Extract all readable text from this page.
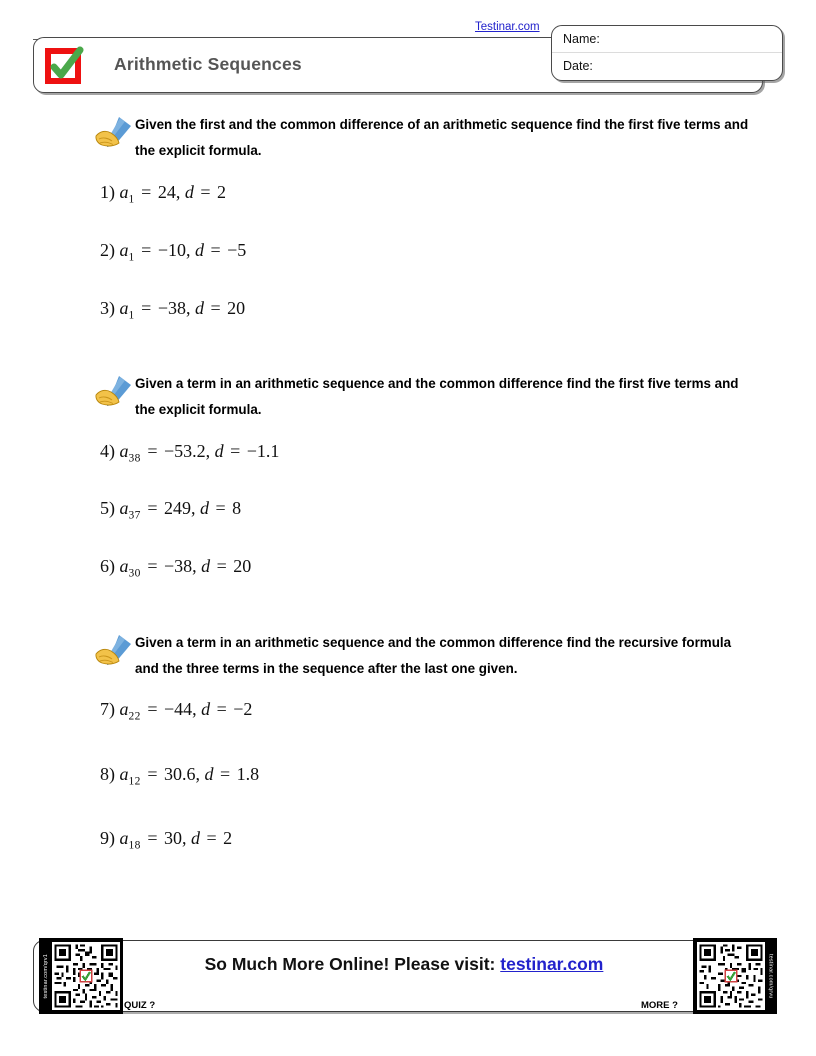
Testinar.com
Arithmetic Sequences
Name:
Date:
Given the first and the common difference of an arithmetic sequence find the first five terms and the explicit formula.
1) $a_1 = 24$, d = 2
2) $a_1 = -10$, d = −5
3) $a_1 = -38$, d = 20
Given a term in an arithmetic sequence and the common difference find the first five terms and the explicit formula.
4) $a_{38} = -53.2$, d = −1.1
5) $a_{37} = 249$, d = 8
6) $a_{30} = -38$, d = 20
Given a term in an arithmetic sequence and the common difference find the recursive formula and the three terms in the sequence after the last one given.
7) $a_{22} = -44$, d = −2
8) $a_{12} = 30.6$, d = 1.8
9) $a_{18} = 30$, d = 2
So Much More Online! Please visit: testinar.com
testinar.com/qrv1
QUIZ ?
testinar.com/qrvu
MORE ?
